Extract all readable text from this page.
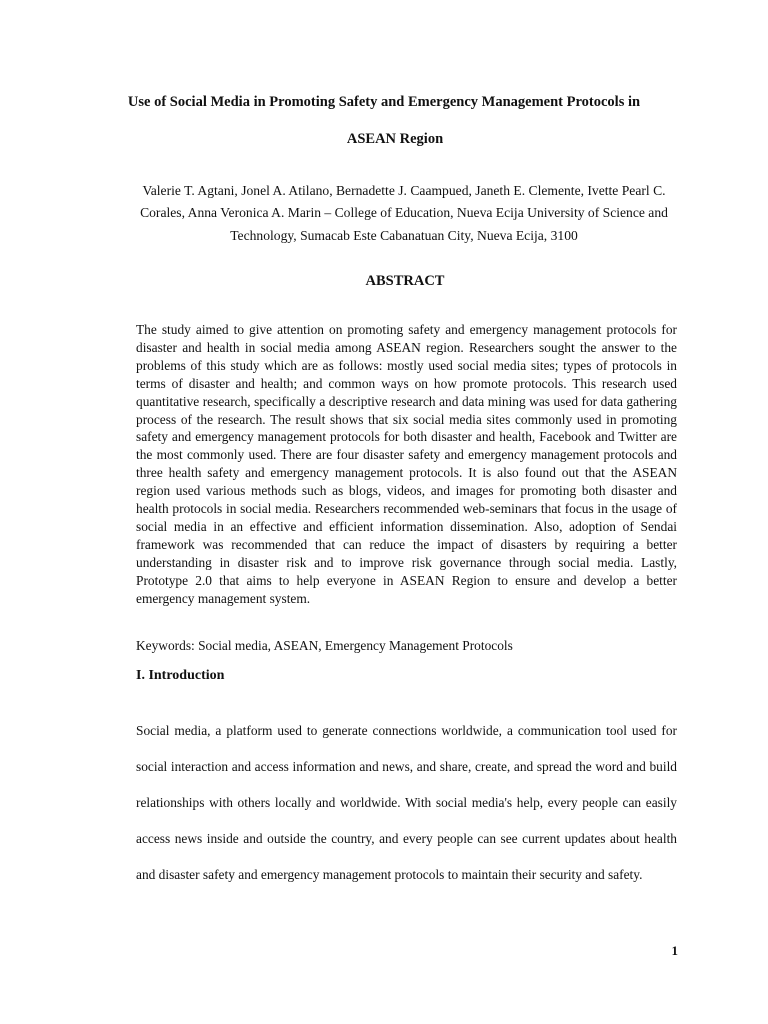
Use of Social Media in Promoting Safety and Emergency Management Protocols in
ASEAN Region
Valerie T. Agtani, Jonel A. Atilano, Bernadette J. Caampued, Janeth E. Clemente, Ivette Pearl C. Corales, Anna Veronica A. Marin – College of Education, Nueva Ecija University of Science and Technology, Sumacab Este Cabanatuan City, Nueva Ecija, 3100
ABSTRACT

The study aimed to give attention on promoting safety and emergency management protocols for disaster and health in social media among ASEAN region. Researchers sought the answer to the problems of this study which are as follows: mostly used social media sites; types of protocols in terms of disaster and health; and common ways on how promote protocols. This research used quantitative research, specifically a descriptive research and data mining was used for data gathering process of the research. The result shows that six social media sites commonly used in promoting safety and emergency management protocols for both disaster and health, Facebook and Twitter are the most commonly used. There are four disaster safety and emergency management protocols and three health safety and emergency management protocols. It is also found out that the ASEAN region used various methods such as blogs, videos, and images for promoting both disaster and health protocols in social media. Researchers recommended web-seminars that focus in the usage of social media in an effective and efficient information dissemination. Also, adoption of Sendai framework was recommended that can reduce the impact of disasters by requiring a better understanding in disaster risk and to improve risk governance through social media. Lastly, Prototype 2.0 that aims to help everyone in ASEAN Region to ensure and develop a better emergency management system.

Keywords: Social media, ASEAN, Emergency Management Protocols
I. Introduction

Social media, a platform used to generate connections worldwide, a communication tool used for social interaction and access information and news, and share, create, and spread the word and build relationships with others locally and worldwide. With social media's help, every people can easily access news inside and outside the country, and every people can see current updates about health and disaster safety and emergency management protocols to maintain their security and safety.

1
